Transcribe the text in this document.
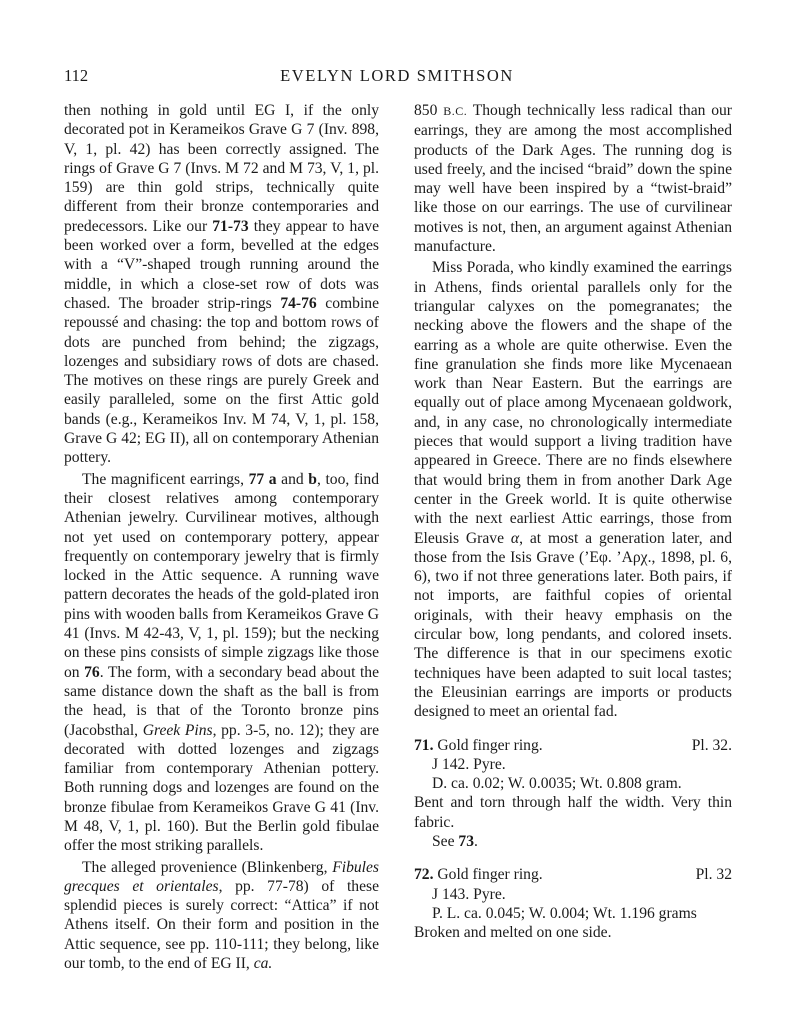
112	EVELYN LORD SMITHSON

then nothing in gold until EG I, if the only decorated pot in Kerameikos Grave G 7 (Inv. 898, V, 1, pl. 42) has been correctly assigned. The rings of Grave G 7 (Invs. M 72 and M 73, V, 1, pl. 159) are thin gold strips, technically quite different from their bronze contemporaries and predecessors. Like our 71-73 they appear to have been worked over a form, bevelled at the edges with a “V”-shaped trough running around the middle, in which a close-set row of dots was chased. The broader strip-rings 74-76 combine repoussé and chasing: the top and bottom rows of dots are punched from behind; the zigzags, lozenges and subsidiary rows of dots are chased. The motives on these rings are purely Greek and easily paralleled, some on the first Attic gold bands (e.g., Kerameikos Inv. M 74, V, 1, pl. 158, Grave G 42; EG II), all on contemporary Athenian pottery.

The magnificent earrings, 77 a and b, too, find their closest relatives among contemporary Athenian jewelry. Curvilinear motives, although not yet used on contemporary pottery, appear frequently on contemporary jewelry that is firmly locked in the Attic sequence. A running wave pattern decorates the heads of the gold-plated iron pins with wooden balls from Kerameikos Grave G 41 (Invs. M 42-43, V, 1, pl. 159); but the necking on these pins consists of simple zigzags like those on 76. The form, with a secondary bead about the same distance down the shaft as the ball is from the head, is that of the Toronto bronze pins (Jacobsthal, Greek Pins, pp. 3-5, no. 12); they are decorated with dotted lozenges and zigzags familiar from contemporary Athenian pottery. Both running dogs and lozenges are found on the bronze fibulae from Kerameikos Grave G 41 (Inv. M 48, V, 1, pl. 160). But the Berlin gold fibulae offer the most striking parallels.

The alleged provenience (Blinkenberg, Fibules grecques et orientales, pp. 77-78) of these splendid pieces is surely correct: “Attica” if not Athens itself. On their form and position in the Attic sequence, see pp. 110-111; they belong, like our tomb, to the end of EG II, ca.

850 B.C. Though technically less radical than our earrings, they are among the most accomplished products of the Dark Ages. The running dog is used freely, and the incised “braid” down the spine may well have been inspired by a “twist-braid” like those on our earrings. The use of curvilinear motives is not, then, an argument against Athenian manufacture.

Miss Porada, who kindly examined the earrings in Athens, finds oriental parallels only for the triangular calyxes on the pomegranates; the necking above the flowers and the shape of the earring as a whole are quite otherwise. Even the fine granulation she finds more like Mycenaean work than Near Eastern. But the earrings are equally out of place among Mycenaean goldwork, and, in any case, no chronologically intermediate pieces that would support a living tradition have appeared in Greece. There are no finds elsewhere that would bring them in from another Dark Age center in the Greek world. It is quite otherwise with the next earliest Attic earrings, those from Eleusis Grave α, at most a generation later, and those from the Isis Grave (’Εφ. ’Αρχ., 1898, pl. 6, 6), two if not three generations later. Both pairs, if not imports, are faithful copies of oriental originals, with their heavy emphasis on the circular bow, long pendants, and colored insets. The difference is that in our specimens exotic techniques have been adapted to suit local tastes; the Eleusinian earrings are imports or products designed to meet an oriental fad.

71. Gold finger ring.	Pl. 32.
J 142. Pyre.
D. ca. 0.02; W. 0.0035; Wt. 0.808 gram.
Bent and torn through half the width. Very thin fabric.
See 73.
72. Gold finger ring.	Pl. 32
J 143. Pyre.
P. L. ca. 0.045; W. 0.004; Wt. 1.196 grams
Broken and melted on one side.
